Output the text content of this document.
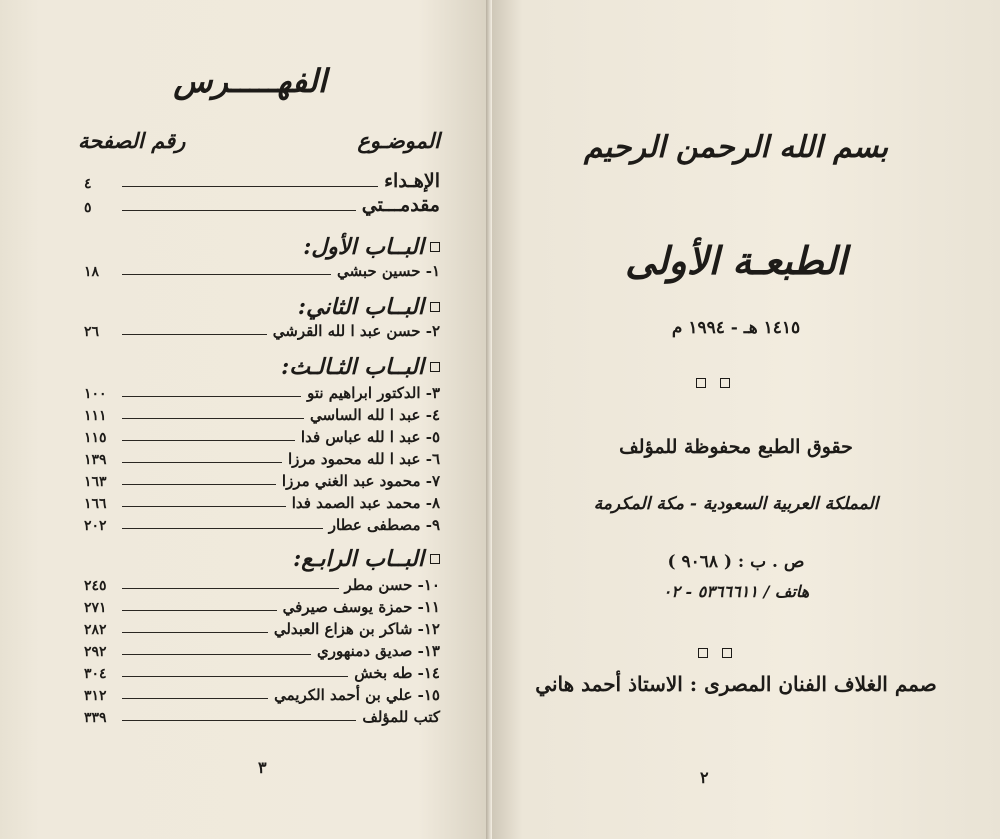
الفهـــــرس
الموضـوع
رقم الصفحة
الإهـداء
٤
مقدمـــتي
٥
البــاب الأول:
١- حسين حبشي
١٨
البــاب الثاني:
٢- حسن عبد ا لله القرشي
٢٦
البــاب الثـالـث:
٣- الدكتور ابراهيم نتو
١٠٠
٤- عبد ا لله الساسي
١١١
٥- عبد ا لله عباس فدا
١١٥
٦- عبد ا لله محمود مرزا
١٣٩
٧- محمود عبد الغني مرزا
١٦٣
٨- محمد عبد الصمد فدا
١٦٦
٩- مصطفى عطار
٢٠٢
البــاب الرابـع:
١٠- حسن مطر
٢٤٥
١١- حمزة يوسف صيرفي
٢٧١
١٢- شاكر بن هزاع العبدلي
٢٨٢
١٣- صديق دمنهوري
٢٩٢
١٤- طه بخش
٣٠٤
١٥- علي بن أحمد الكريمي
٣١٢
كتب للمؤلف
٣٣٩
٣
بسم الله الرحمن الرحيم
الطبعـة الأولى
١٤١٥ هـ - ١٩٩٤ م
حقوق الطبع محفوظة للمؤلف
المملكة العربية السعودية - مكة المكرمة
ص . ب : ( ٩٠٦٨ )
هاتف / ٥٣٦٦٦١١ - ٠٢
صمم الغلاف الفنان المصرى : الاستاذ أحمد هاني
٢
